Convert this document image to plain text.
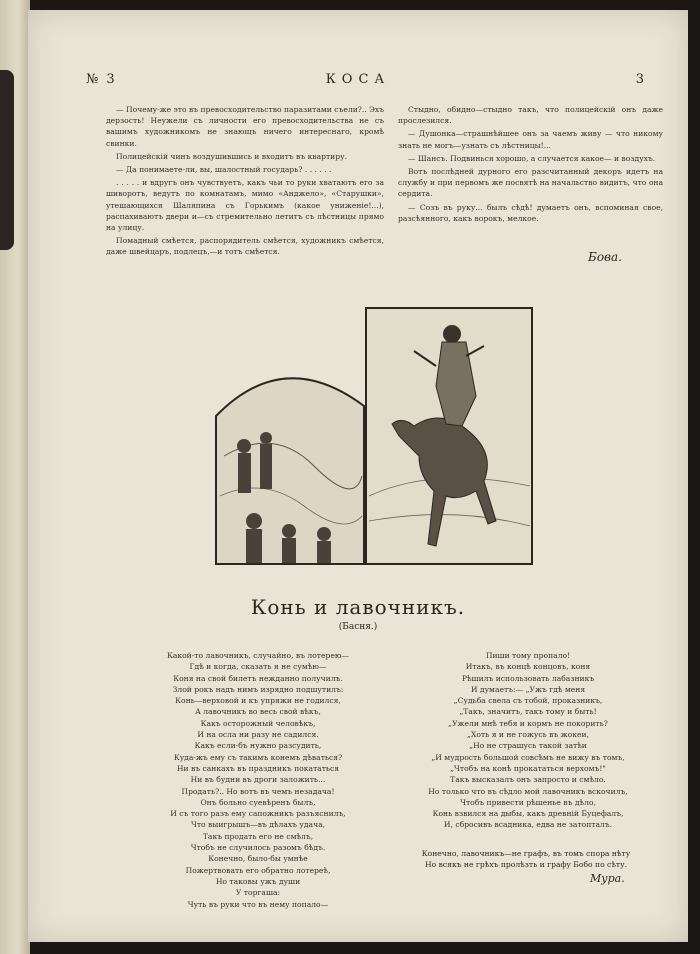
№ 3	КОСА	3

— Почему-же это въ превосходительство паразитами съели?.. Эхъ дерзость! Неужели съ личности его превосходительства не съ вашимъ художникомъ не знающъ ничего интереснаго, кромѣ свинки.

Полицейскій чинъ воздушившись и входитъ въ квартиру.

— Да понимаете-ли, вы, шалостный государь? . . . . . .

. . . . . и вдругъ онъ чувствуетъ, какъ чьи то руки хватаютъ его за шиворотъ, ведутъ по комнатамъ, мимо «Анджело», «Старушки», утешающихся Шаляпина съ Горькимъ (какое униженіе!...), распахиваютъ двери и—съ стремительно летитъ съ лѣстницы прямо на улицу.

Помадный смѣется, распорядитель смѣется, художникъ смѣется, даже швейцаръ, подлецъ,—и тотъ смѣется.

Стыдно, обидно—стыдно такъ, что полицейскій онъ даже прослезился.

— Душонка—страшнѣйшее онъ за чаемъ живу — что никому знать не могъ—узнать съ лѣстницы!...

— Шансъ. Подвинься хорошо, а случается какое— и воздухъ.

Вотъ послѣдней дурного его разсчитанный декоръ идетъ на службу и при первомъ же посвятѣ на начальство видитъ, что она сердита.

— Созъ въ руку... былъ сѣдѣ! думаетъ онъ, вспоминая свое, разсѣянного, какъ ворокъ, мелкое.

Бова.
Конь и лавочникъ.
(Басня.)
Какой-то лавочникъ, случайно, въ лотерею—
Гдѣ и когда, сказать я не сумѣю—
Коня на свой билетъ нежданно получилъ.
Злой рокъ надъ нимъ изрядно подшутилъ:
Конь—верховой и къ упряжи не годился,
А лавочникъ во весь свой вѣкъ,
Какъ осторожный человѣкъ,
И на осла ни разу не садился.
Какъ если-бъ нужно разсудить,
Куда-жъ ему съ такимъ конемъ дѣваться?
Ни въ санкахъ въ праздникъ покататься
Ни въ будни въ дроги заложить...
Продать?.. Но вотъ въ чемъ незадача!
Онъ больно суевѣренъ былъ,
И съ того разъ ему сапожникъ разъяснилъ,
Что выигрышъ—въ дѣлахъ удача,
Такъ продать его не смѣлъ,
Чтобъ не случилось разомъ бѣдъ.
Конечно, было-бы умнѣе
Пожертвовать его обратно лотереѣ,
Но таковы ужъ души
У торгаша:
Чуть въ руки что въ нему попало—
Пиши тому пропало!
Итакъ, въ концѣ концовъ, коня
Рѣшилъ использовать лабазникъ
И думаетъ:— „Ужъ гдѣ меня
„Судьба свела съ тобой, проказникъ,
„Такъ, значитъ, такъ тому и быть!
„Ужели мнѣ тебя и кормъ не покорить?
„Хоть я и не гожусь въ жокеи,
„Но не страшусь такой затѣи
„И мудрость большой совсѣмъ не вижу въ томъ,
„Чтобъ на конѣ прокататься верхомъ!"
Такъ высказалъ онъ запросто и смѣло.
Но только что въ сѣдло мой лавочникъ вскочилъ,
Чтобъ привести рѣшенье въ дѣло,
Конь взвился на дыбы, какъ древній Буцефалъ,
И, сбросивъ всадника, едва не затопталъ.
Конечно, лавочникъ—не графъ, въ томъ спора нѣту
Но всякъ не грѣхъ пролѣзть и графу Бобо по сѣту.
Мура.
